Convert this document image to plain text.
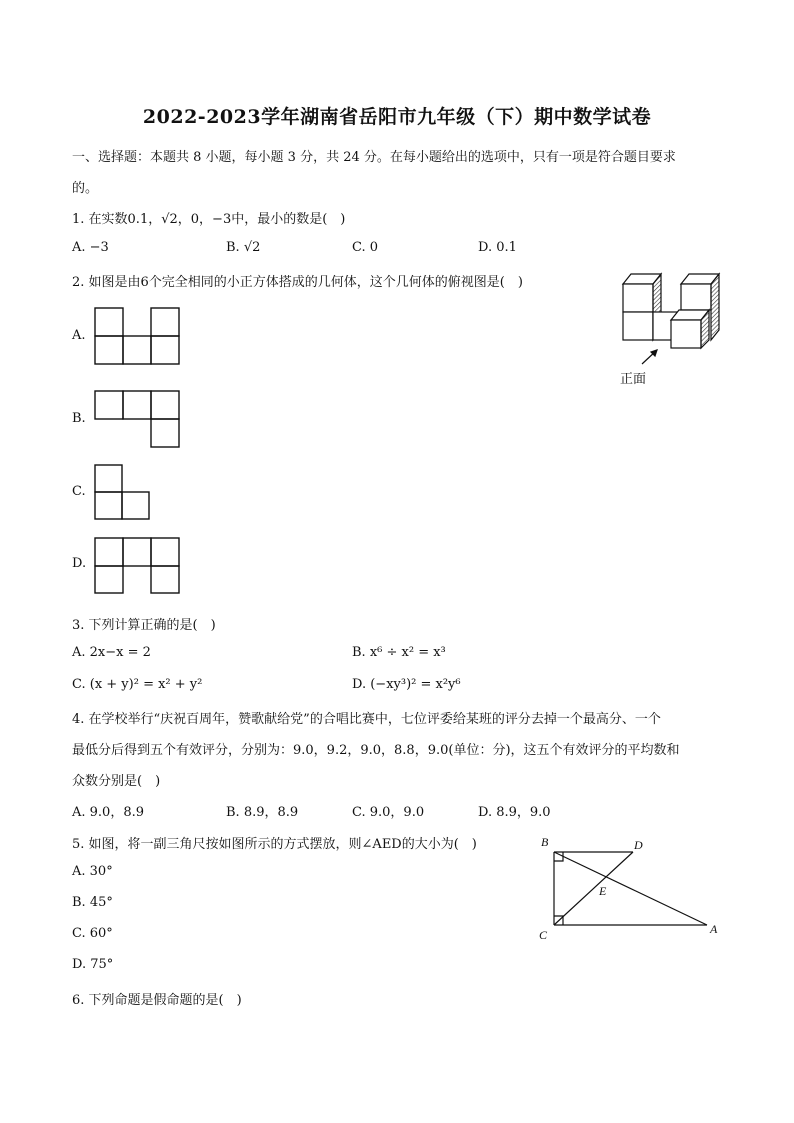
2022-2023学年湖南省岳阳市九年级（下）期中数学试卷
一、选择题：本题共 8 小题，每小题 3 分，共 24 分。在每小题给出的选项中，只有一项是符合题目要求
的。
1. 在实数0.1，√2，0，−3中，最小的数是(　)
A. −3	B. √2	C. 0	D. 0.1
2. 如图是由6个完全相同的小正方体搭成的几何体，这个几何体的俯视图是(　)
正面
A.
B.
C.
D.
3. 下列计算正确的是(　)
A. 2x−x = 2	B. x⁶ ÷ x² = x³
C. (x + y)² = x² + y²	D. (−xy³)² = x²y⁶
4. 在学校举行“庆祝百周年，赞歌献给党”的合唱比赛中，七位评委给某班的评分去掉一个最高分、一个
最低分后得到五个有效评分，分别为：9.0，9.2，9.0，8.8，9.0(单位：分)，这五个有效评分的平均数和
众数分别是(　)
A. 9.0，8.9	B. 8.9，8.9	C. 9.0，9.0	D. 8.9，9.0
5. 如图，将一副三角尺按如图所示的方式摆放，则∠AED的大小为(　)
A. 30°
B. 45°
C. 60°
D. 75°
B	D
E
C	A
6. 下列命题是假命题的是(　)
